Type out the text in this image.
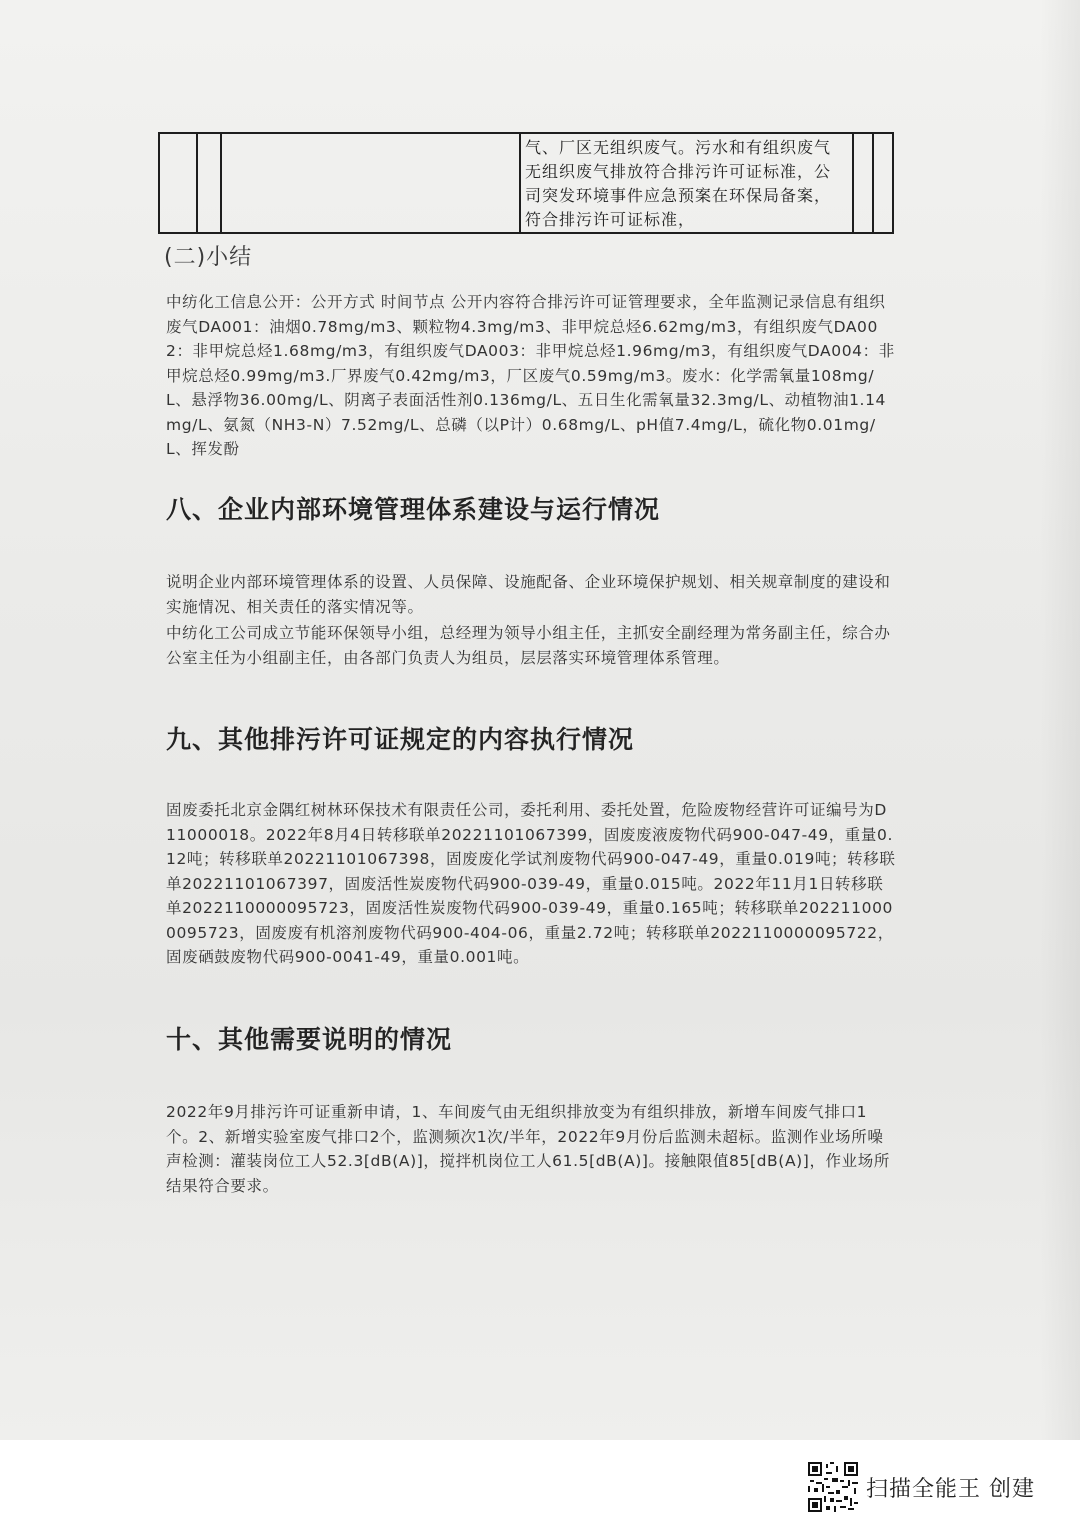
气、厂区无组织废气。污水和有组织废气无组织废气排放符合排污许可证标准，公司突发环境事件应急预案在环保局备案，符合排污许可证标准，

(二)小结
中纺化工信息公开：公开方式 时间节点 公开内容符合排污许可证管理要求，全年监测记录信息有组织废气DA001：油烟0.78mg/m3、颗粒物4.3mg/m3、非甲烷总烃6.62mg/m3，有组织废气DA002：非甲烷总烃1.68mg/m3，有组织废气DA003：非甲烷总烃1.96mg/m3，有组织废气DA004：非甲烷总烃0.99mg/m3.厂界废气0.42mg/m3，厂区废气0.59mg/m3。废水：化学需氧量108mg/L、悬浮物36.00mg/L、阴离子表面活性剂0.136mg/L、五日生化需氧量32.3mg/L、动植物油1.14mg/L、氨氮（NH3-N）7.52mg/L、总磷（以P计）0.68mg/L、pH值7.4mg/L，硫化物0.01mg/L、挥发酚
八、企业内部环境管理体系建设与运行情况
说明企业内部环境管理体系的设置、人员保障、设施配备、企业环境保护规划、相关规章制度的建设和实施情况、相关责任的落实情况等。
中纺化工公司成立节能环保领导小组，总经理为领导小组主任，主抓安全副经理为常务副主任，综合办公室主任为小组副主任，由各部门负责人为组员，层层落实环境管理体系管理。
九、其他排污许可证规定的内容执行情况
固废委托北京金隅红树林环保技术有限责任公司，委托利用、委托处置，危险废物经营许可证编号为D11000018。2022年8月4日转移联单20221101067399，固废废液废物代码900-047-49，重量0.12吨；转移联单20221101067398，固废废化学试剂废物代码900-047-49，重量0.019吨；转移联单20221101067397，固废活性炭废物代码900-039-49，重量0.015吨。2022年11月1日转移联单2022110000095723，固废活性炭废物代码900-039-49，重量0.165吨；转移联单2022110000095723，固废废有机溶剂废物代码900-404-06，重量2.72吨；转移联单2022110000095722，固废硒鼓废物代码900-0041-49，重量0.001吨。
十、其他需要说明的情况
2022年9月排污许可证重新申请，1、车间废气由无组织排放变为有组织排放，新增车间废气排口1个。2、新增实验室废气排口2个，监测频次1次/半年，2022年9月份后监测未超标。监测作业场所噪声检测：灌装岗位工人52.3[dB(A)]，搅拌机岗位工人61.5[dB(A)]。接触限值85[dB(A)]，作业场所结果符合要求。
扫描全能王 创建
